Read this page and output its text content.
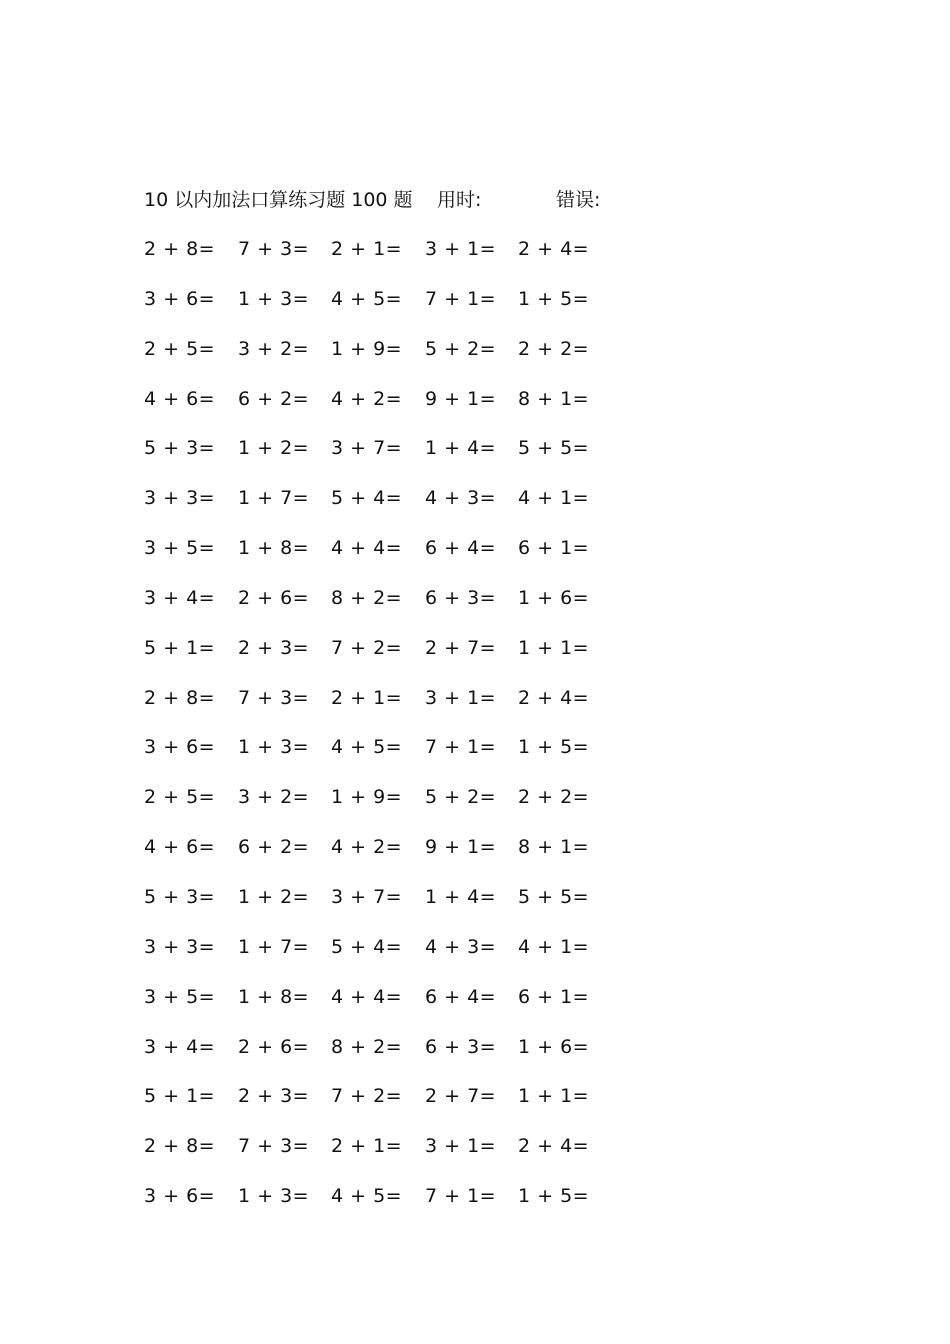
10 以内加法口算练习题 100 题 用时:	错误:
2 + 8= 7 + 3= 2 + 1= 3 + 1= 2 + 4=
3 + 6= 1 + 3= 4 + 5= 7 + 1= 1 + 5=
2 + 5= 3 + 2= 1 + 9= 5 + 2= 2 + 2=
4 + 6= 6 + 2= 4 + 2= 9 + 1= 8 + 1=
5 + 3= 1 + 2= 3 + 7= 1 + 4= 5 + 5=
3 + 3= 1 + 7= 5 + 4= 4 + 3= 4 + 1=
3 + 5= 1 + 8= 4 + 4= 6 + 4= 6 + 1=
3 + 4= 2 + 6= 8 + 2= 6 + 3= 1 + 6=
5 + 1= 2 + 3= 7 + 2= 2 + 7= 1 + 1=
2 + 8= 7 + 3= 2 + 1= 3 + 1= 2 + 4=
3 + 6= 1 + 3= 4 + 5= 7 + 1= 1 + 5=
2 + 5= 3 + 2= 1 + 9= 5 + 2= 2 + 2=
4 + 6= 6 + 2= 4 + 2= 9 + 1= 8 + 1=
5 + 3= 1 + 2= 3 + 7= 1 + 4= 5 + 5=
3 + 3= 1 + 7= 5 + 4= 4 + 3= 4 + 1=
3 + 5= 1 + 8= 4 + 4= 6 + 4= 6 + 1=
3 + 4= 2 + 6= 8 + 2= 6 + 3= 1 + 6=
5 + 1= 2 + 3= 7 + 2= 2 + 7= 1 + 1=
2 + 8= 7 + 3= 2 + 1= 3 + 1= 2 + 4=
3 + 6= 1 + 3= 4 + 5= 7 + 1= 1 + 5=
